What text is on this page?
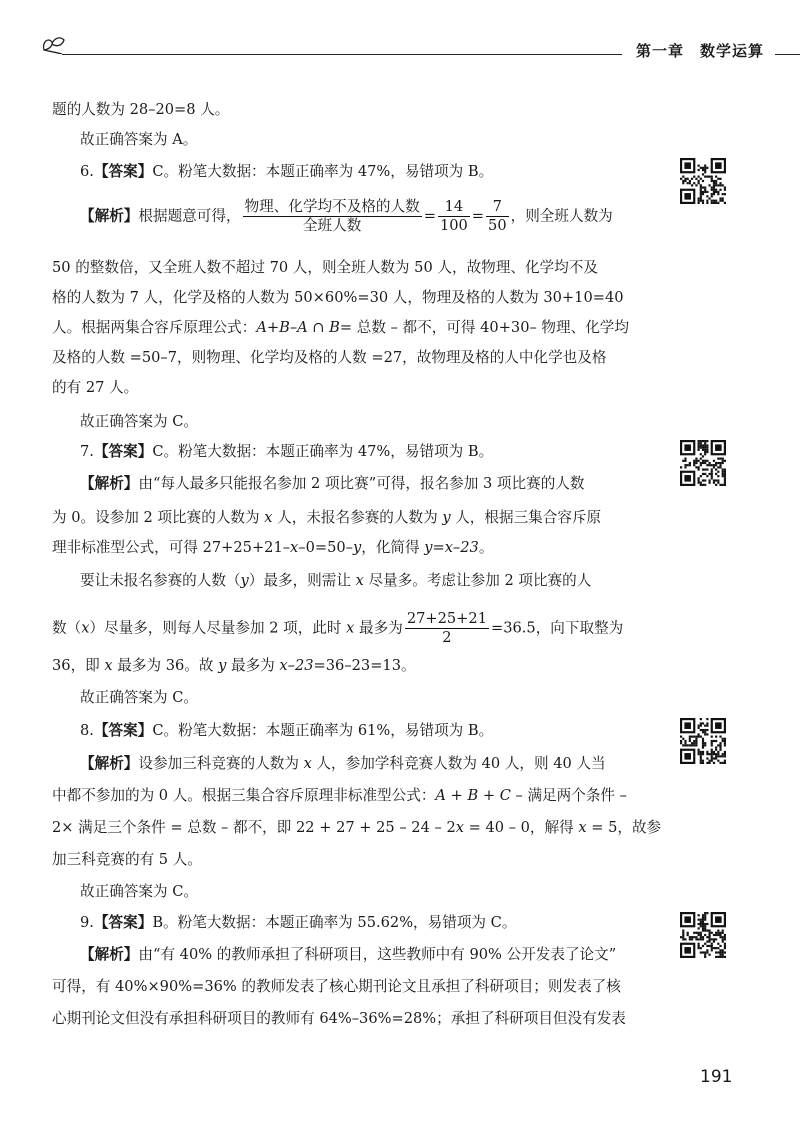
第一章　数学运算
题的人数为 28–20=8 人。
故正确答案为 A。
6.【答案】C。粉笔大数据：本题正确率为 47%，易错项为 B。
【解析】根据题意可得， $\frac{\text{物理、化学均不及格的人数}}{\text{全班人数}} = \frac{14}{100} = \frac{7}{50}$ ，则全班人数为
50 的整数倍，又全班人数不超过 70 人，则全班人数为 50 人，故物理、化学均不及
格的人数为 7 人，化学及格的人数为 50×60%=30 人，物理及格的人数为 30+10=40
人。根据两集合容斥原理公式：A+B–A ∩ B= 总数 – 都不，可得 40+30– 物理、化学均
及格的人数 =50–7，则物理、化学均及格的人数 =27，故物理及格的人中化学也及格
的有 27 人。
故正确答案为 C。
7.【答案】C。粉笔大数据：本题正确率为 47%，易错项为 B。
【解析】由“每人最多只能报名参加 2 项比赛”可得，报名参加 3 项比赛的人数
为 0。设参加 2 项比赛的人数为 x 人，未报名参赛的人数为 y 人，根据三集合容斥原
理非标准型公式，可得 27+25+21–x–0=50–y，化简得 y=x–23。
要让未报名参赛的人数（y）最多，则需让 x 尽量多。考虑让参加 2 项比赛的人
数（x）尽量多，则每人尽量参加 2 项，此时 x 最多为 $\frac{27+25+21}{2} =36.5$，向下取整为
36，即 x 最多为 36。故 y 最多为 x–23=36–23=13。
故正确答案为 C。
8.【答案】C。粉笔大数据：本题正确率为 61%，易错项为 B。
【解析】设参加三科竞赛的人数为 x 人，参加学科竞赛人数为 40 人，则 40 人当
中都不参加的为 0 人。根据三集合容斥原理非标准型公式：A + B + C – 满足两个条件 –
2× 满足三个条件 = 总数 – 都不，即 22 + 27 + 25 – 24 – 2x = 40 – 0，解得 x = 5，故参
加三科竞赛的有 5 人。
故正确答案为 C。
9.【答案】B。粉笔大数据：本题正确率为 55.62%，易错项为 C。
【解析】由“有 40% 的教师承担了科研项目，这些教师中有 90% 公开发表了论文”
可得，有 40%×90%=36% 的教师发表了核心期刊论文且承担了科研项目；则发表了核
心期刊论文但没有承担科研项目的教师有 64%–36%=28%；承担了科研项目但没有发表
191
